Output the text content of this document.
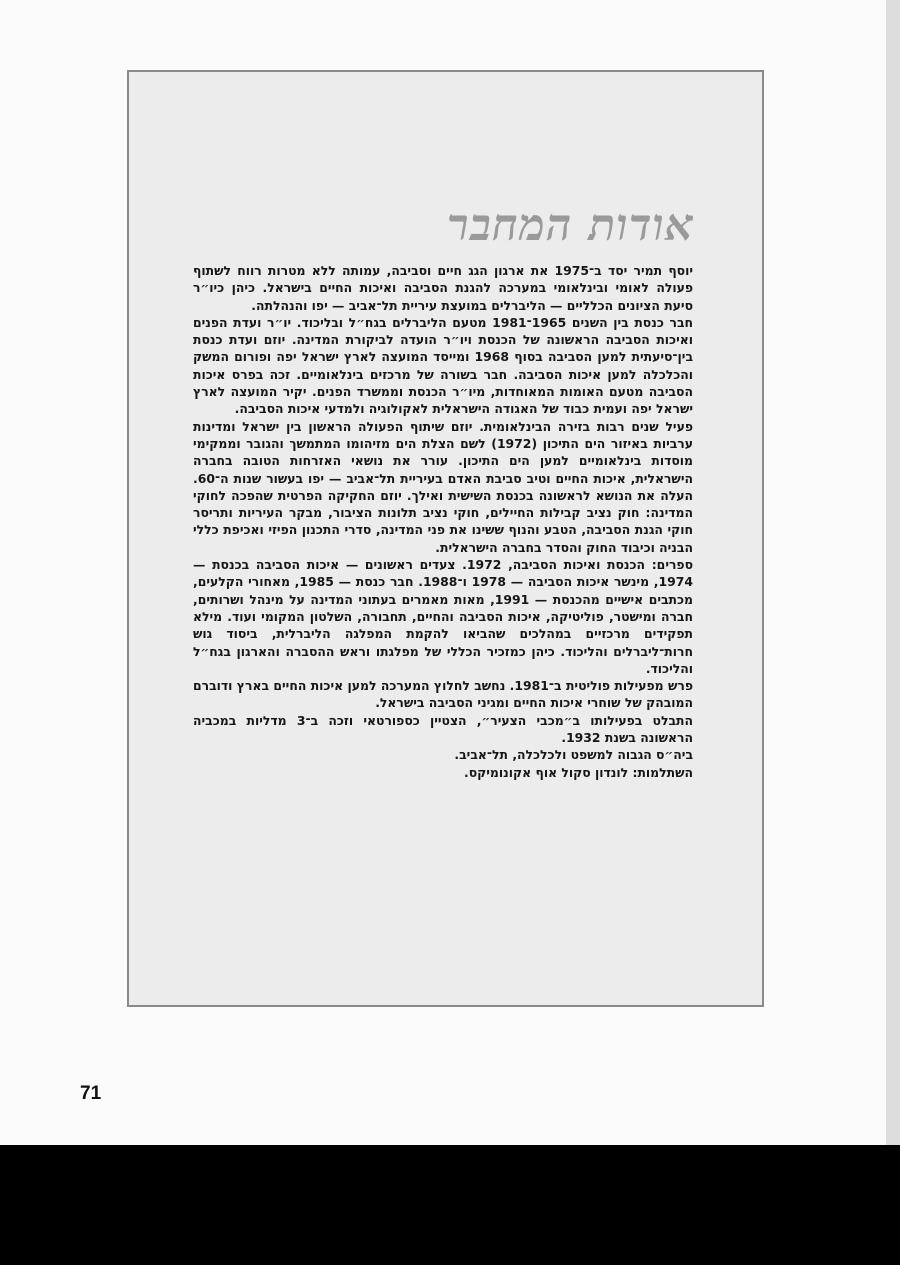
אודות המחבר

יוסף תמיר יסד ב־1975 את ארגון הגג חיים וסביבה, עמותה ללא מטרות רווח לשתוף פעולה לאומי ובינלאומי במערכה להגנת הסביבה ואיכות החיים בישראל. כיהן כיו״ר סיעת הציונים הכלליים — הליברלים במועצת עיריית תל־אביב — יפו והנהלתה.

חבר כנסת בין השנים 1965־1981 מטעם הליברלים בגח״ל ובליכוד. יו״ר ועדת הפנים ואיכות הסביבה הראשונה של הכנסת ויו״ר הועדה לביקורת המדינה. יוזם ועדת כנסת בין־סיעתית למען הסביבה בסוף 1968 ומייסד המועצה לארץ ישראל יפה ופורום המשק והכלכלה למען איכות הסביבה. חבר בשורה של מרכזים בינלאומיים. זכה בפרס איכות הסביבה מטעם האומות המאוחדות, מיו״ר הכנסת וממשרד הפנים. יקיר המועצה לארץ ישראל יפה ועמית כבוד של האגודה הישראלית לאקולוגיה ולמדעי איכות הסביבה.

פעיל שנים רבות בזירה הבינלאומית. יוזם שיתוף הפעולה הראשון בין ישראל ומדינות ערביות באיזור הים התיכון (1972) לשם הצלת הים מזיהומו המתמשך והגובר וממקימי מוסדות בינלאומיים למען הים התיכון. עורר את נושאי האזרחות הטובה בחברה הישראלית, איכות החיים וטיב סביבת האדם בעיריית תל־אביב — יפו בעשור שנות ה־60. העלה את הנושא לראשונה בכנסת השישית ואילך. יוזם החקיקה הפרטית שהפכה לחוקי המדינה: חוק נציב קבילות החיילים, חוקי נציב תלונות הציבור, מבקר העיריות ותריסר חוקי הגנת הסביבה, הטבע והנוף ששינו את פני המדינה, סדרי התכנון הפיזי ואכיפת כללי הבניה וכיבוד החוק והסדר בחברה הישראלית.

ספרים: הכנסת ואיכות הסביבה, 1972. צעדים ראשונים — איכות הסביבה בכנסת — 1974, מינשר איכות הסביבה — 1978 ו־1988. חבר כנסת — 1985, מאחורי הקלעים, מכתבים אישיים מהכנסת — 1991, מאות מאמרים בעתוני המדינה על מינהל ושרותים, חברה ומישטר, פוליטיקה, איכות הסביבה והחיים, תחבורה, השלטון המקומי ועוד. מילא תפקידים מרכזיים במהלכים שהביאו להקמת המפלגה הליברלית, ביסוד גוש חרות־ליברלים והליכוד. כיהן כמזכיר הכללי של מפלגתו וראש ההסברה והארגון בגח״ל והליכוד.

פרש מפעילות פוליטית ב־1981. נחשב לחלוץ המערכה למען איכות החיים בארץ ודוברם המובהק של שוחרי איכות החיים ומגיני הסביבה בישראל.

התבלט בפעילותו ב״מכבי הצעיר״, הצטיין כספורטאי וזכה ב־3 מדליות במכביה הראשונה בשנת 1932.

ביה״ס הגבוה למשפט ולכלכלה, תל־אביב.

השתלמות: לונדון סקול אוף אקונומיקס.

71
